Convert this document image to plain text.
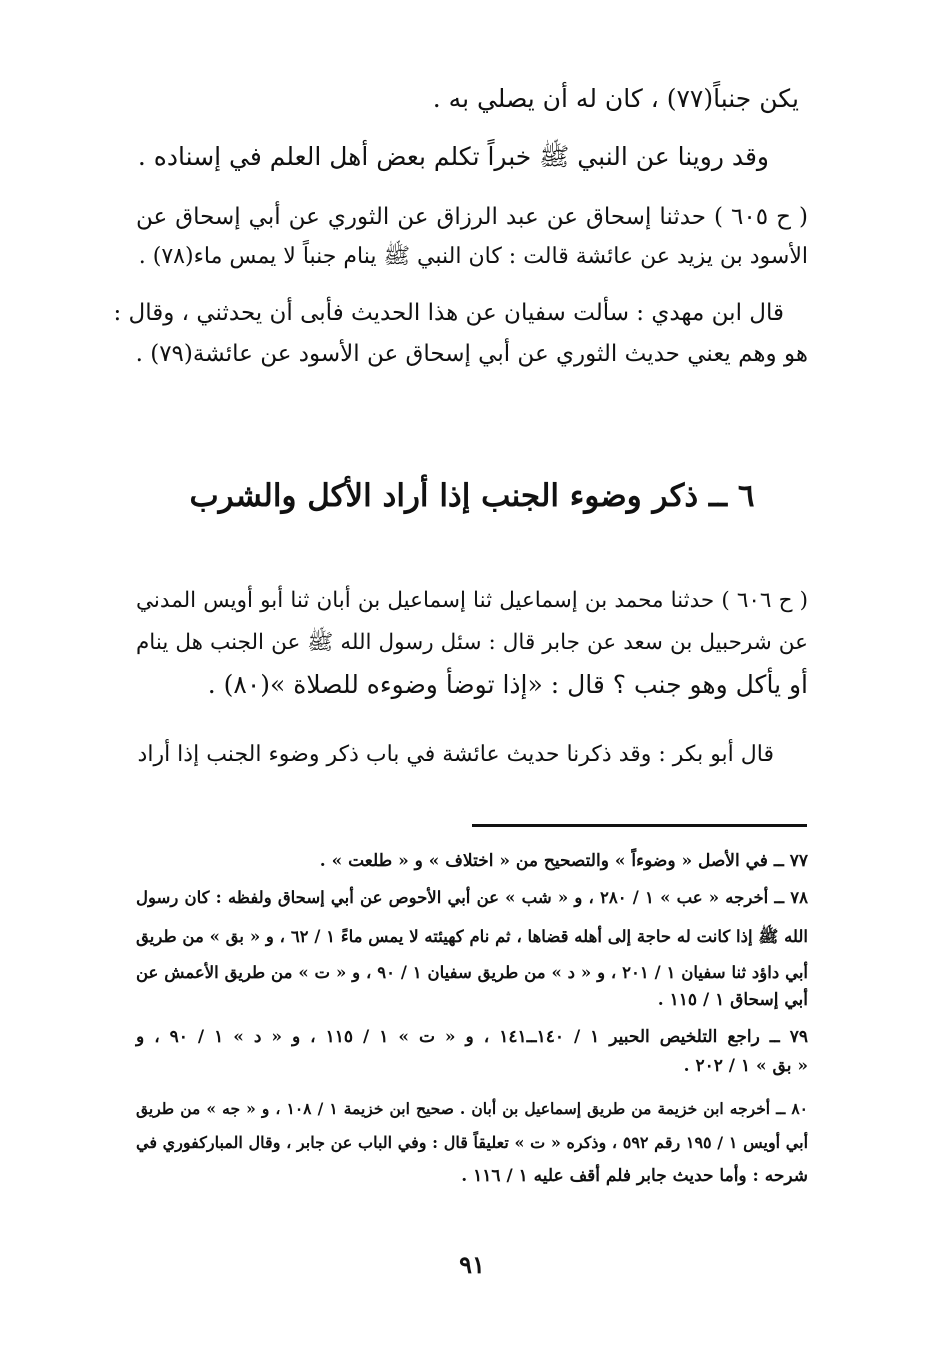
يكن جنباً(٧٧) ، كان له أن يصلي به .
وقد روينا عن النبي ﷺ خبراً تكلم بعض أهل العلم في إسناده .
( ح ٦٠٥ ) حدثنا إسحاق عن عبد الرزاق عن الثوري عن أبي إسحاق عن
الأسود بن يزيد عن عائشة قالت : كان النبي ﷺ ينام جنباً لا يمس ماء(٧٨) .
قال ابن مهدي : سألت سفيان عن هذا الحديث فأبى أن يحدثني ، وقال :
هو وهم يعني حديث الثوري عن أبي إسحاق عن الأسود عن عائشة(٧٩) .
٦ ــ ذكر وضوء الجنب إذا أراد الأكل والشرب
( ح ٦٠٦ ) حدثنا محمد بن إسماعيل ثنا إسماعيل بن أبان ثنا أبو أويس المدني
عن شرحبيل بن سعد عن جابر قال : سئل رسول الله ﷺ عن الجنب هل ينام
أو يأكل وهو جنب ؟ قال : «إذا توضأ وضوءه للصلاة »(٨٠) .
قال أبو بكر : وقد ذكرنا حديث عائشة في باب ذكر وضوء الجنب إذا أراد
٧٧ ــ في الأصل « وضوءاً » والتصحيح من « اختلاف » و « طلعت » .
٧٨ ــ أخرجه « عب » ١ / ٢٨٠ ، و « شب » عن أبي الأحوص عن أبي إسحاق ولفظه : كان رسول
الله ﷺ إذا كانت له حاجة إلى أهله قضاها ، ثم نام كهيئته لا يمس ماءً ١ / ٦٢ ، و « بق » من طريق
أبي داؤد ثنا سفيان ١ / ٢٠١ ، و « د » من طريق سفيان ١ / ٩٠ ، و « ت » من طريق الأعمش عن
أبي إسحاق ١ / ١١٥ .
٧٩ ــ راجع التلخيص الحبير ١ / ١٤٠ــ١٤١ ، و « ت » ١ / ١١٥ ، و « د » ١ / ٩٠ ، و
« بق » ١ / ٢٠٢ .
٨٠ ــ أخرجه ابن خزيمة من طريق إسماعيل بن أبان . صحيح ابن خزيمة ١ / ١٠٨ ، و « جه » من طريق
أبي أويس ١ / ١٩٥ رقم ٥٩٢ ، وذكره « ت » تعليقاً قال : وفي الباب عن جابر ، وقال المباركفوري في
شرحه : وأما حديث جابر فلم أقف عليه ١ / ١١٦ .
٩١
